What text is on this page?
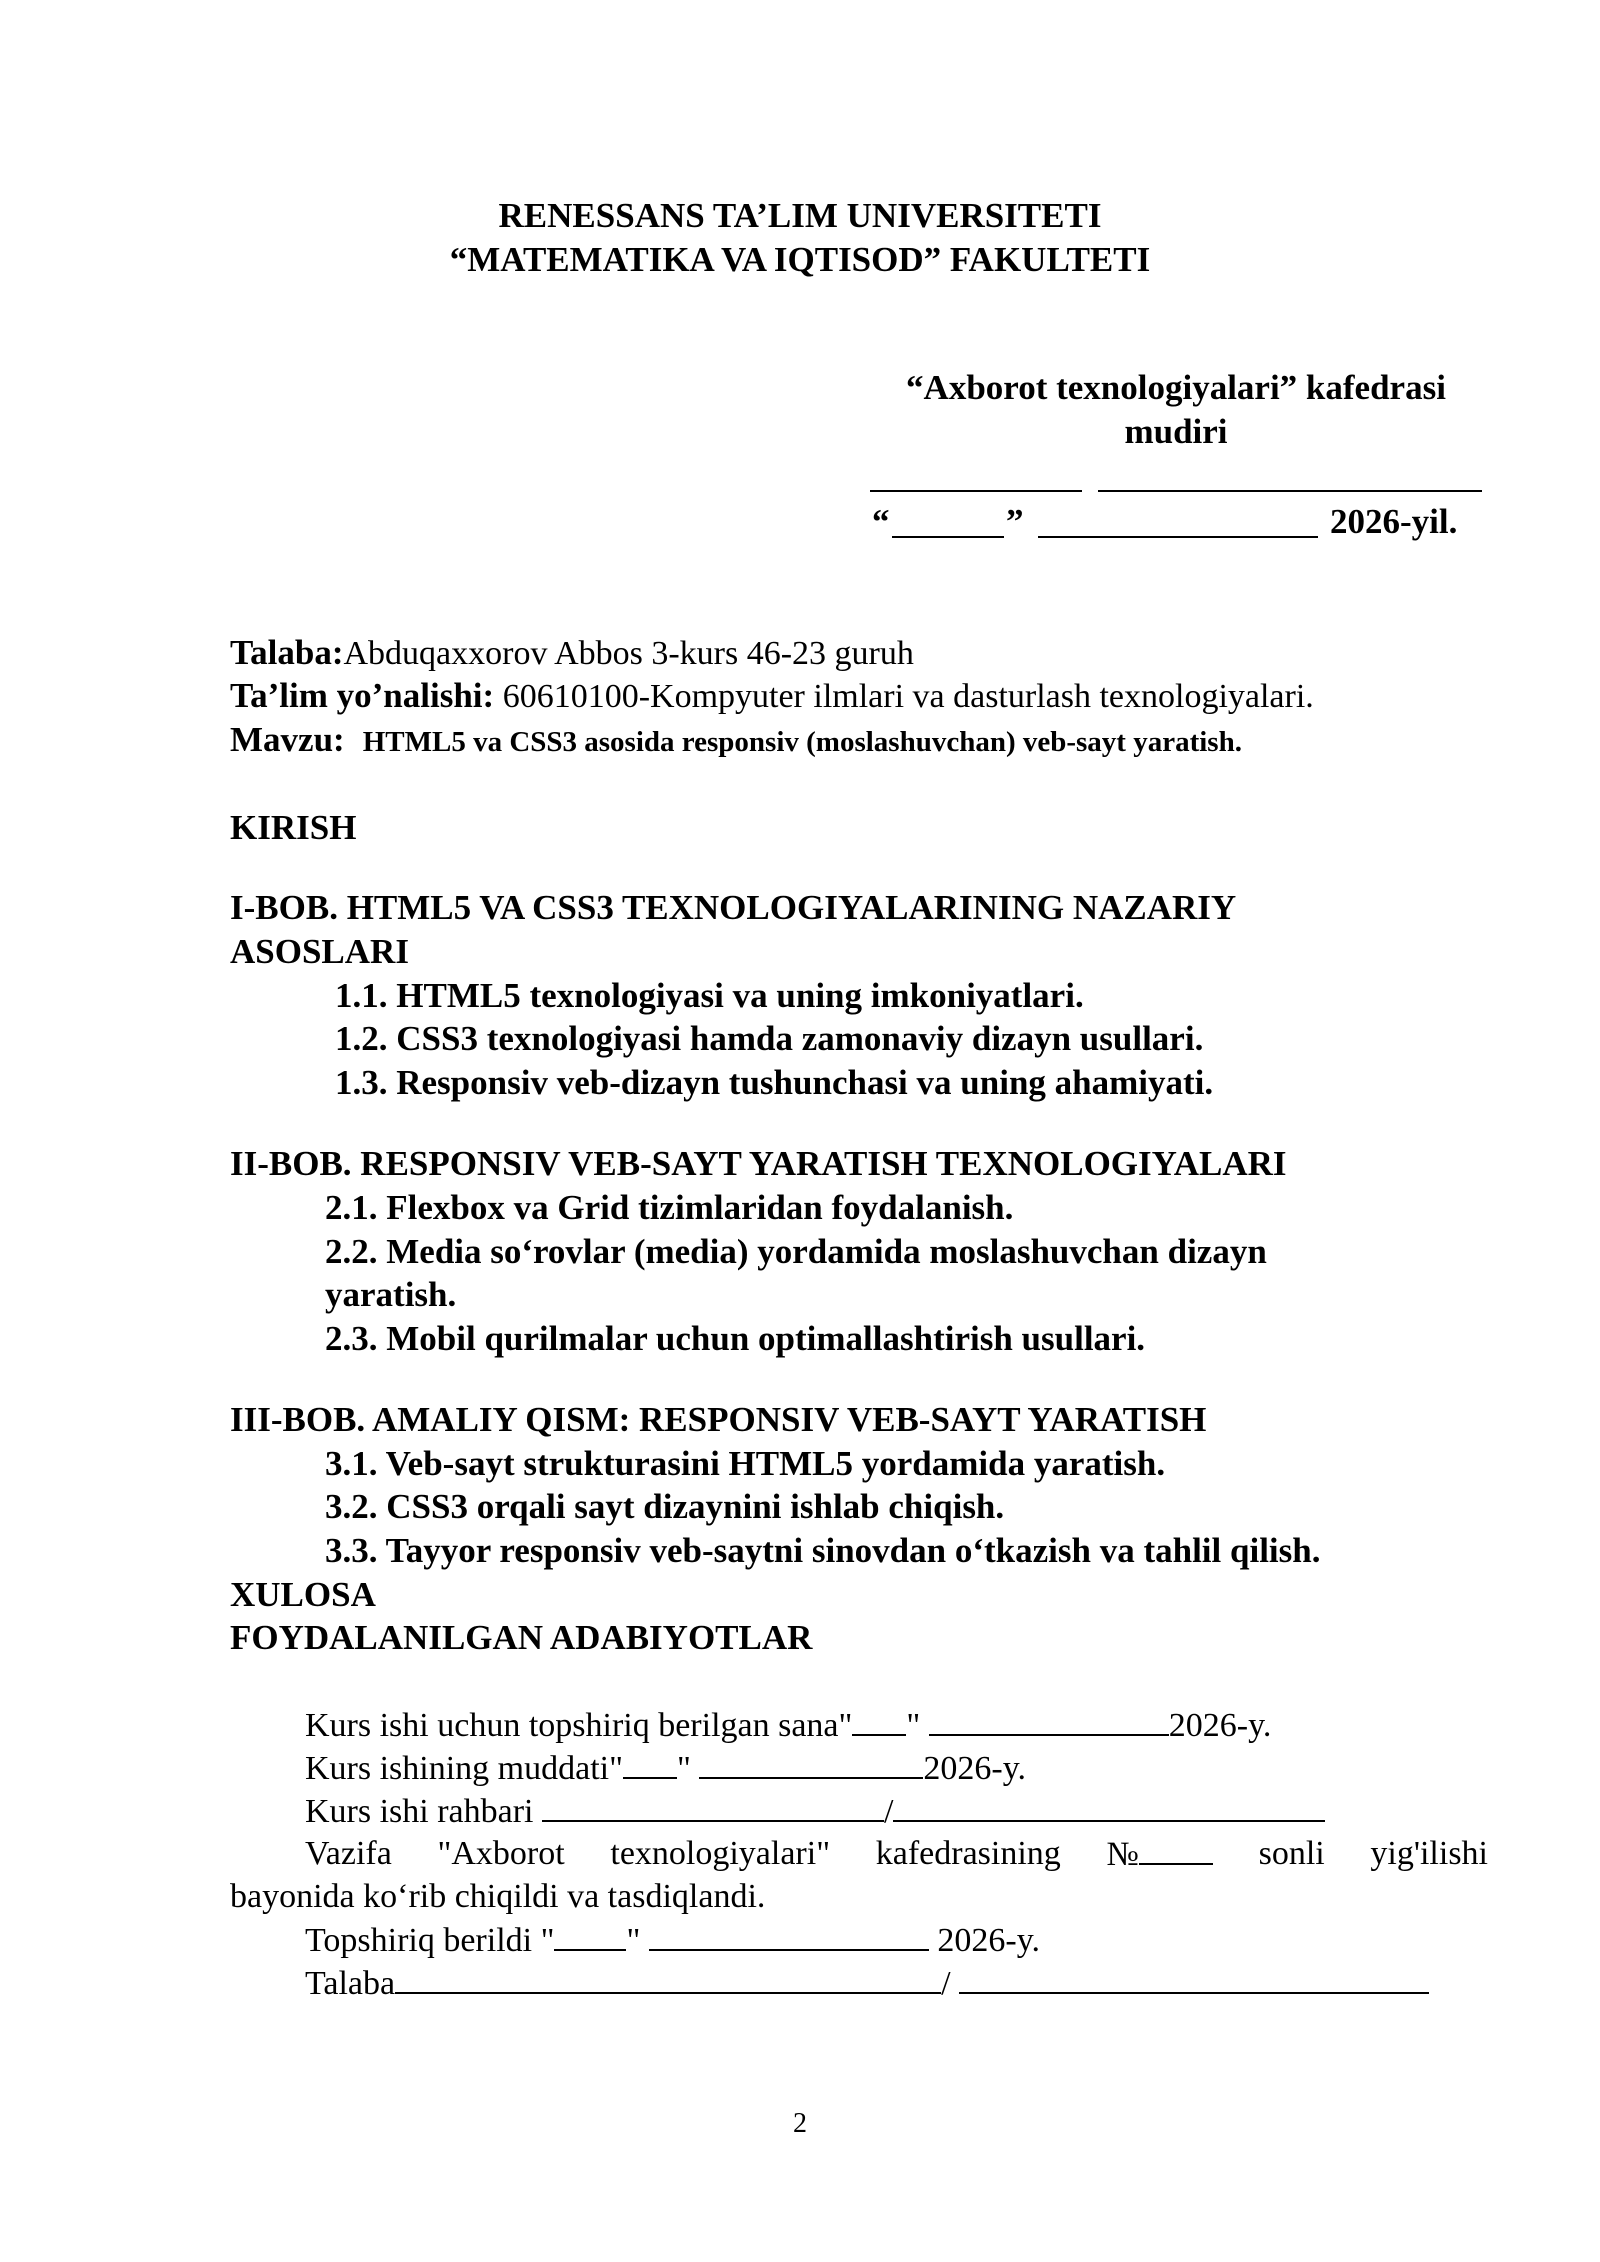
RENESSANS TA’LIM UNIVERSITETI
“MATEMATIKA VA IQTISOD” FAKULTETI
“Axborot texnologiyalari” kafedrasi
mudiri
“	”	2026-yil.
Talaba:Abduqaxxorov Abbos 3-kurs 46-23 guruh
Ta’lim yo’nalishi: 60610100-Kompyuter ilmlari va dasturlash texnologiyalari.
Mavzu: HTML5 va CSS3 asosida responsiv (moslashuvchan) veb-sayt yaratish.
KIRISH
I-BOB. HTML5 VA CSS3 TEXNOLOGIYALARINING NAZARIY
ASOSLARI
1.1. HTML5 texnologiyasi va uning imkoniyatlari.
1.2. CSS3 texnologiyasi hamda zamonaviy dizayn usullari.
1.3. Responsiv veb-dizayn tushunchasi va uning ahamiyati.
II-BOB. RESPONSIV VEB-SAYT YARATISH TEXNOLOGIYALARI
2.1. Flexbox va Grid tizimlaridan foydalanish.
2.2. Media so‘rovlar (media) yordamida moslashuvchan dizayn
yaratish.
2.3. Mobil qurilmalar uchun optimallashtirish usullari.
III-BOB. AMALIY QISM: RESPONSIV VEB-SAYT YARATISH
3.1. Veb-sayt strukturasini HTML5 yordamida yaratish.
3.2. CSS3 orqali sayt dizaynini ishlab chiqish.
3.3. Tayyor responsiv veb-saytni sinovdan o‘tkazish va tahlil qilish.
XULOSA
FOYDALANILGAN ADABIYOTLAR
Kurs ishi uchun topshiriq berilgan sana" "	2026-y.
Kurs ishining muddati" "	2026-y.
Kurs ishi rahbari	/
Vazifa "Axborot texnologiyalari" kafedrasining №	sonli yig'ilishi
bayonida ko‘rib chiqildi va tasdiqlandi.
Topshiriq berildi " "	2026-y.
Talaba	/
2
